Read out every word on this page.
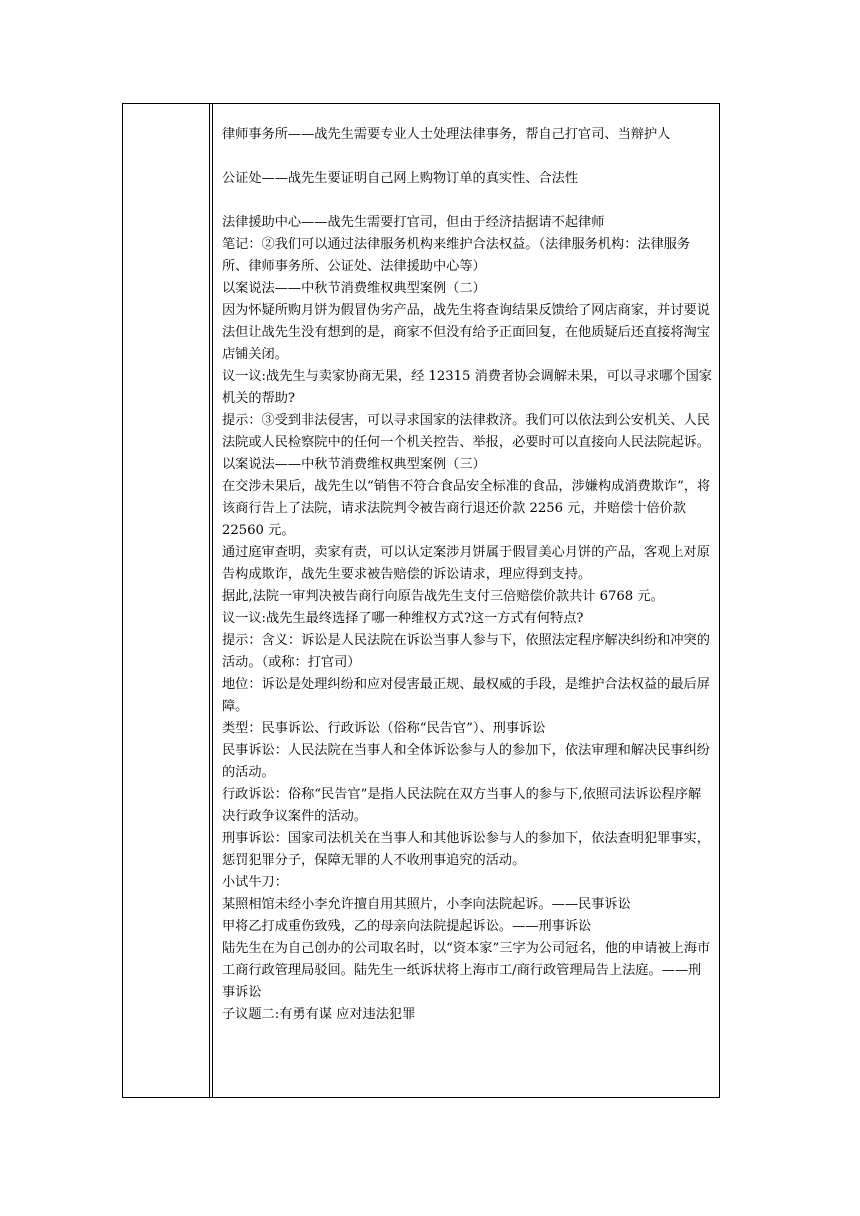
律师事务所——战先生需要专业人士处理法律事务，帮自己打官司、当辩护人
公证处——战先生要证明自己网上购物订单的真实性、合法性
法律援助中心——战先生需要打官司，但由于经济拮据请不起律师
笔记：②我们可以通过法律服务机构来维护合法权益。（法律服务机构：法律服务所、律师事务所、公证处、法律援助中心等）
以案说法——中秋节消费维权典型案例（二）
因为怀疑所购月饼为假冒伪劣产品，战先生将查询结果反馈给了网店商家，并讨要说法但让战先生没有想到的是，商家不但没有给予正面回复，在他质疑后还直接将淘宝店铺关闭。
议一议:战先生与卖家协商无果，经 12315 消费者协会调解未果，可以寻求哪个国家机关的帮助?
提示：③受到非法侵害，可以寻求国家的法律救济。我们可以依法到公安机关、人民法院或人民检察院中的任何一个机关控告、举报，必要时可以直接向人民法院起诉。
以案说法——中秋节消费维权典型案例（三）
在交涉未果后，战先生以“销售不符合食品安全标准的食品，涉嫌构成消费欺诈”，将该商行告上了法院，请求法院判令被告商行退还价款 2256 元，并赔偿十倍价款 22560 元。
通过庭审查明，卖家有责，可以认定案涉月饼属于假冒美心月饼的产品，客观上对原告构成欺诈，战先生要求被告赔偿的诉讼请求，理应得到支持。
据此,法院一审判决被告商行向原告战先生支付三倍赔偿价款共计 6768 元。
议一议:战先生最终选择了哪一种维权方式?这一方式有何特点?
提示：含义：诉讼是人民法院在诉讼当事人参与下，依照法定程序解决纠纷和冲突的活动。（或称：打官司）
地位：诉讼是处理纠纷和应对侵害最正规、最权威的手段，是维护合法权益的最后屏障。
类型：民事诉讼、行政诉讼（俗称“民告官”）、刑事诉讼
民事诉讼：人民法院在当事人和全体诉讼参与人的参加下，依法审理和解决民事纠纷的活动。
行政诉讼：俗称“民告官”是指人民法院在双方当事人的参与下,依照司法诉讼程序解决行政争议案件的活动。
刑事诉讼：国家司法机关在当事人和其他诉讼参与人的参加下，依法查明犯罪事实，惩罚犯罪分子，保障无罪的人不收刑事追究的活动。
小试牛刀：
某照相馆未经小李允许擅自用其照片，小李向法院起诉。——民事诉讼
甲将乙打成重伤致残，乙的母亲向法院提起诉讼。——刑事诉讼
陆先生在为自己创办的公司取名时，以“资本家”三字为公司冠名，他的申请被上海市工商行政管理局驳回。陆先生一纸诉状将上海市工/商行政管理局告上法庭。——刑事诉讼
子议题二:有勇有谋 应对违法犯罪
